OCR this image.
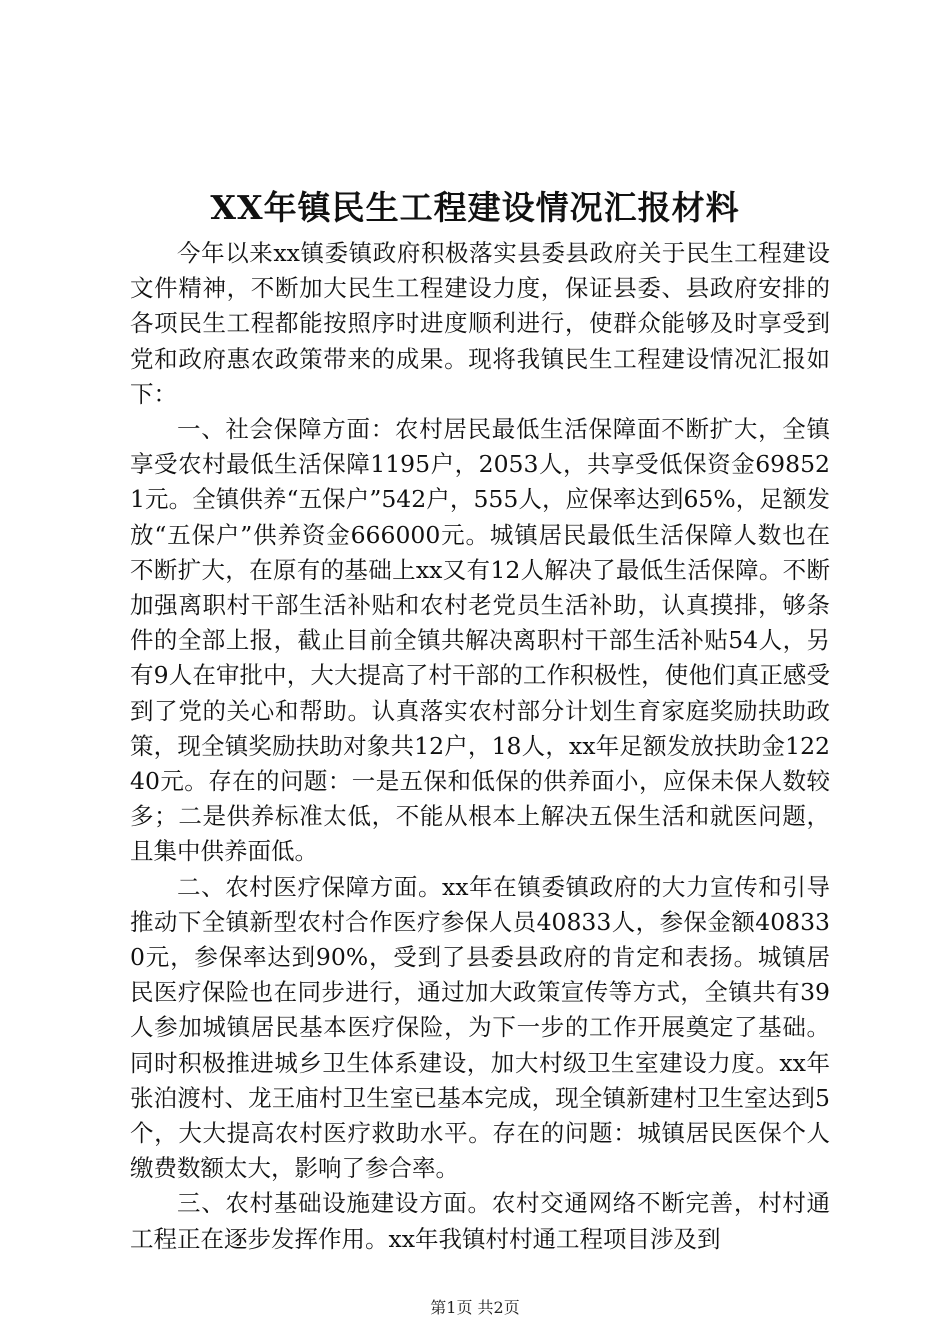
XX年镇民生工程建设情况汇报材料

今年以来xx镇委镇政府积极落实县委县政府关于民生工程建设文件精神，不断加大民生工程建设力度，保证县委、县政府安排的各项民生工程都能按照序时进度顺利进行，使群众能够及时享受到党和政府惠农政策带来的成果。现将我镇民生工程建设情况汇报如下：

一、社会保障方面：农村居民最低生活保障面不断扩大，全镇享受农村最低生活保障1195户，2053人，共享受低保资金698521元。全镇供养“五保户”542户，555人，应保率达到65%，足额发放“五保户”供养资金666000元。城镇居民最低生活保障人数也在不断扩大，在原有的基础上xx又有12人解决了最低生活保障。不断加强离职村干部生活补贴和农村老党员生活补助，认真摸排，够条件的全部上报，截止目前全镇共解决离职村干部生活补贴54人，另有9人在审批中，大大提高了村干部的工作积极性，使他们真正感受到了党的关心和帮助。认真落实农村部分计划生育家庭奖励扶助政策，现全镇奖励扶助对象共12户，18人，xx年足额发放扶助金12240元。存在的问题：一是五保和低保的供养面小，应保未保人数较多；二是供养标准太低，不能从根本上解决五保生活和就医问题，且集中供养面低。

二、农村医疗保障方面。xx年在镇委镇政府的大力宣传和引导推动下全镇新型农村合作医疗参保人员40833人，参保金额408330元，参保率达到90%，受到了县委县政府的肯定和表扬。城镇居民医疗保险也在同步进行，通过加大政策宣传等方式，全镇共有39人参加城镇居民基本医疗保险，为下一步的工作开展奠定了基础。同时积极推进城乡卫生体系建设，加大村级卫生室建设力度。xx年张泊渡村、龙王庙村卫生室已基本完成，现全镇新建村卫生室达到5个，大大提高农村医疗救助水平。存在的问题：城镇居民医保个人缴费数额太大，影响了参合率。

三、农村基础设施建设方面。农村交通网络不断完善，村村通工程正在逐步发挥作用。xx年我镇村村通工程项目涉及到

第1页 共2页
